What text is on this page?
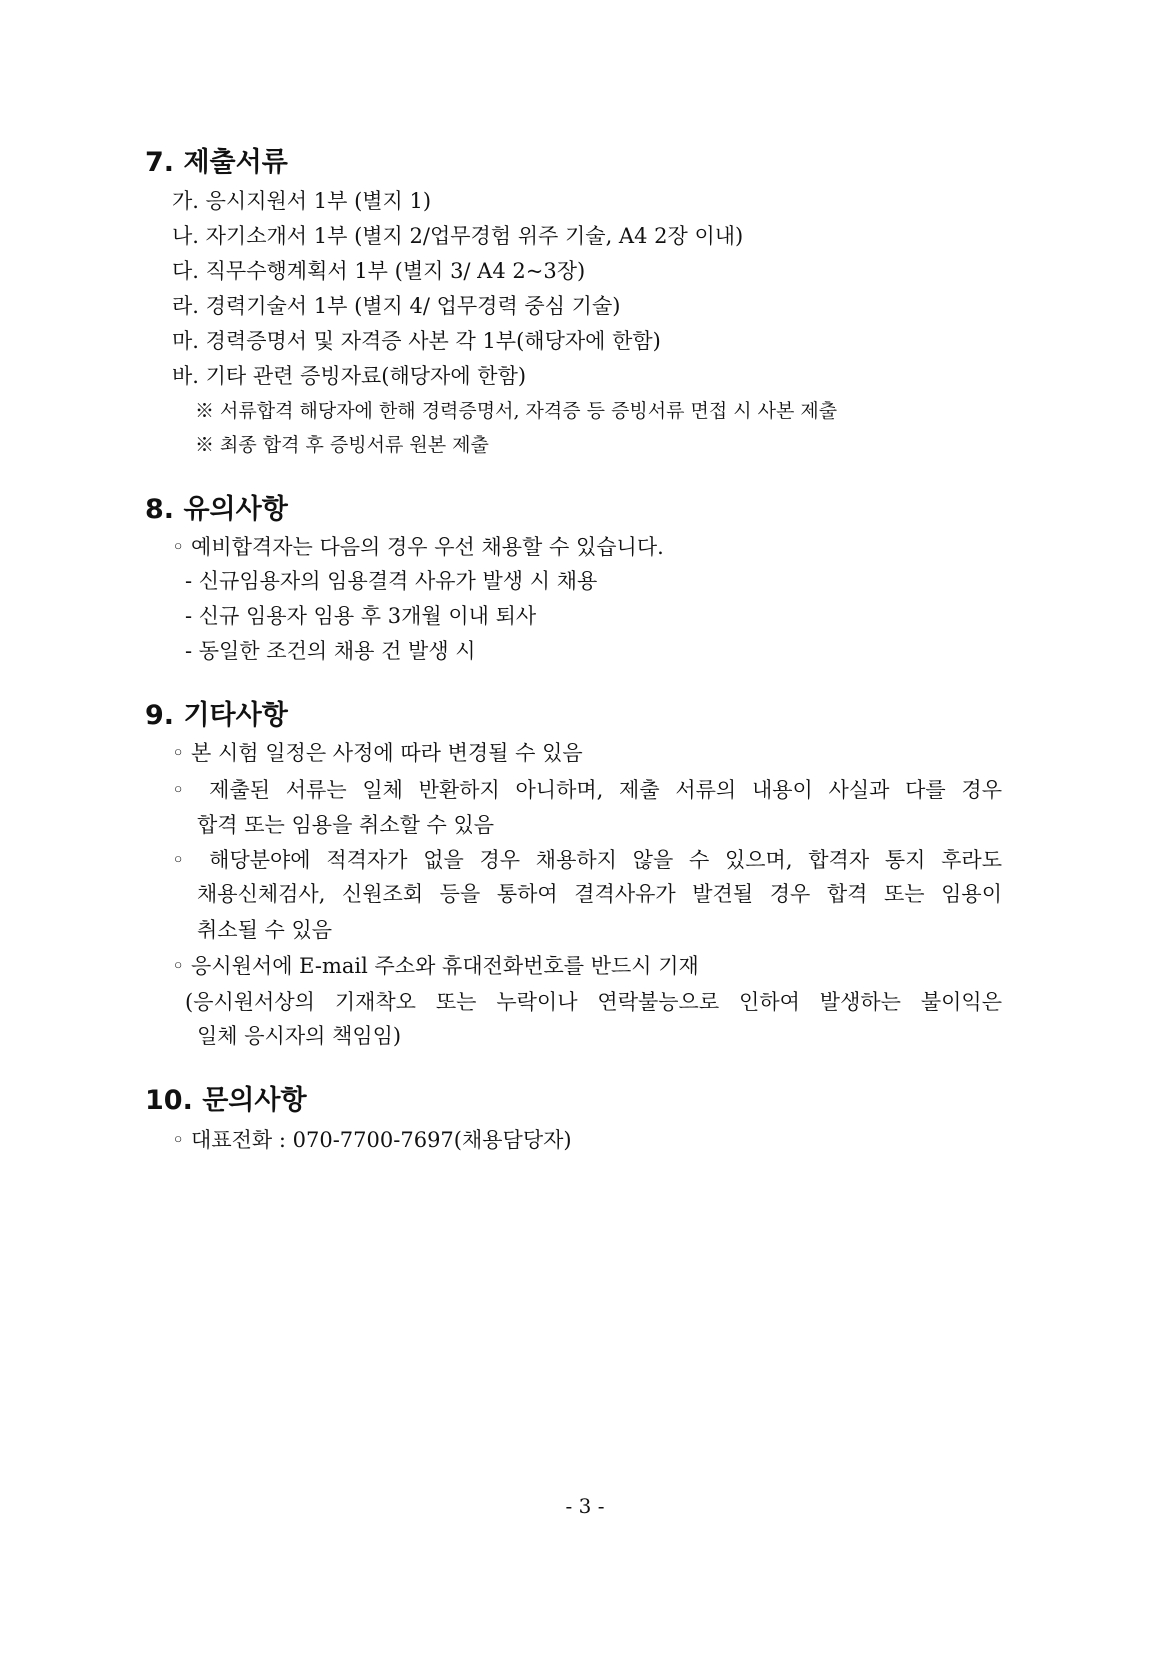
7. 제출서류
가. 응시지원서 1부 (별지 1)
나. 자기소개서 1부 (별지 2/업무경험 위주 기술, A4 2장 이내)
다. 직무수행계획서 1부 (별지 3/ A4 2~3장)
라. 경력기술서 1부 (별지 4/ 업무경력 중심 기술)
마. 경력증명서 및 자격증 사본 각 1부(해당자에 한함)
바. 기타 관련 증빙자료(해당자에 한함)
※ 서류합격 해당자에 한해 경력증명서, 자격증 등 증빙서류 면접 시 사본 제출
※ 최종 합격 후 증빙서류 원본 제출
8. 유의사항
◦ 예비합격자는 다음의 경우 우선 채용할 수 있습니다.
- 신규임용자의 임용결격 사유가 발생 시 채용
- 신규 임용자 임용 후 3개월 이내 퇴사
- 동일한 조건의 채용 건 발생 시
9. 기타사항
◦ 본 시험 일정은 사정에 따라 변경될 수 있음
◦ 제출된 서류는 일체 반환하지 아니하며, 제출 서류의 내용이 사실과 다를 경우
합격 또는 임용을 취소할 수 있음
◦ 해당분야에 적격자가 없을 경우 채용하지 않을 수 있으며, 합격자 통지 후라도
채용신체검사, 신원조회 등을 통하여 결격사유가 발견될 경우 합격 또는 임용이
취소될 수 있음
◦ 응시원서에 E-mail 주소와 휴대전화번호를 반드시 기재
(응시원서상의 기재착오 또는 누락이나 연락불능으로 인하여 발생하는 불이익은
일체 응시자의 책임임)
10. 문의사항
◦ 대표전화 : 070-7700-7697(채용담당자)
- 3 -
